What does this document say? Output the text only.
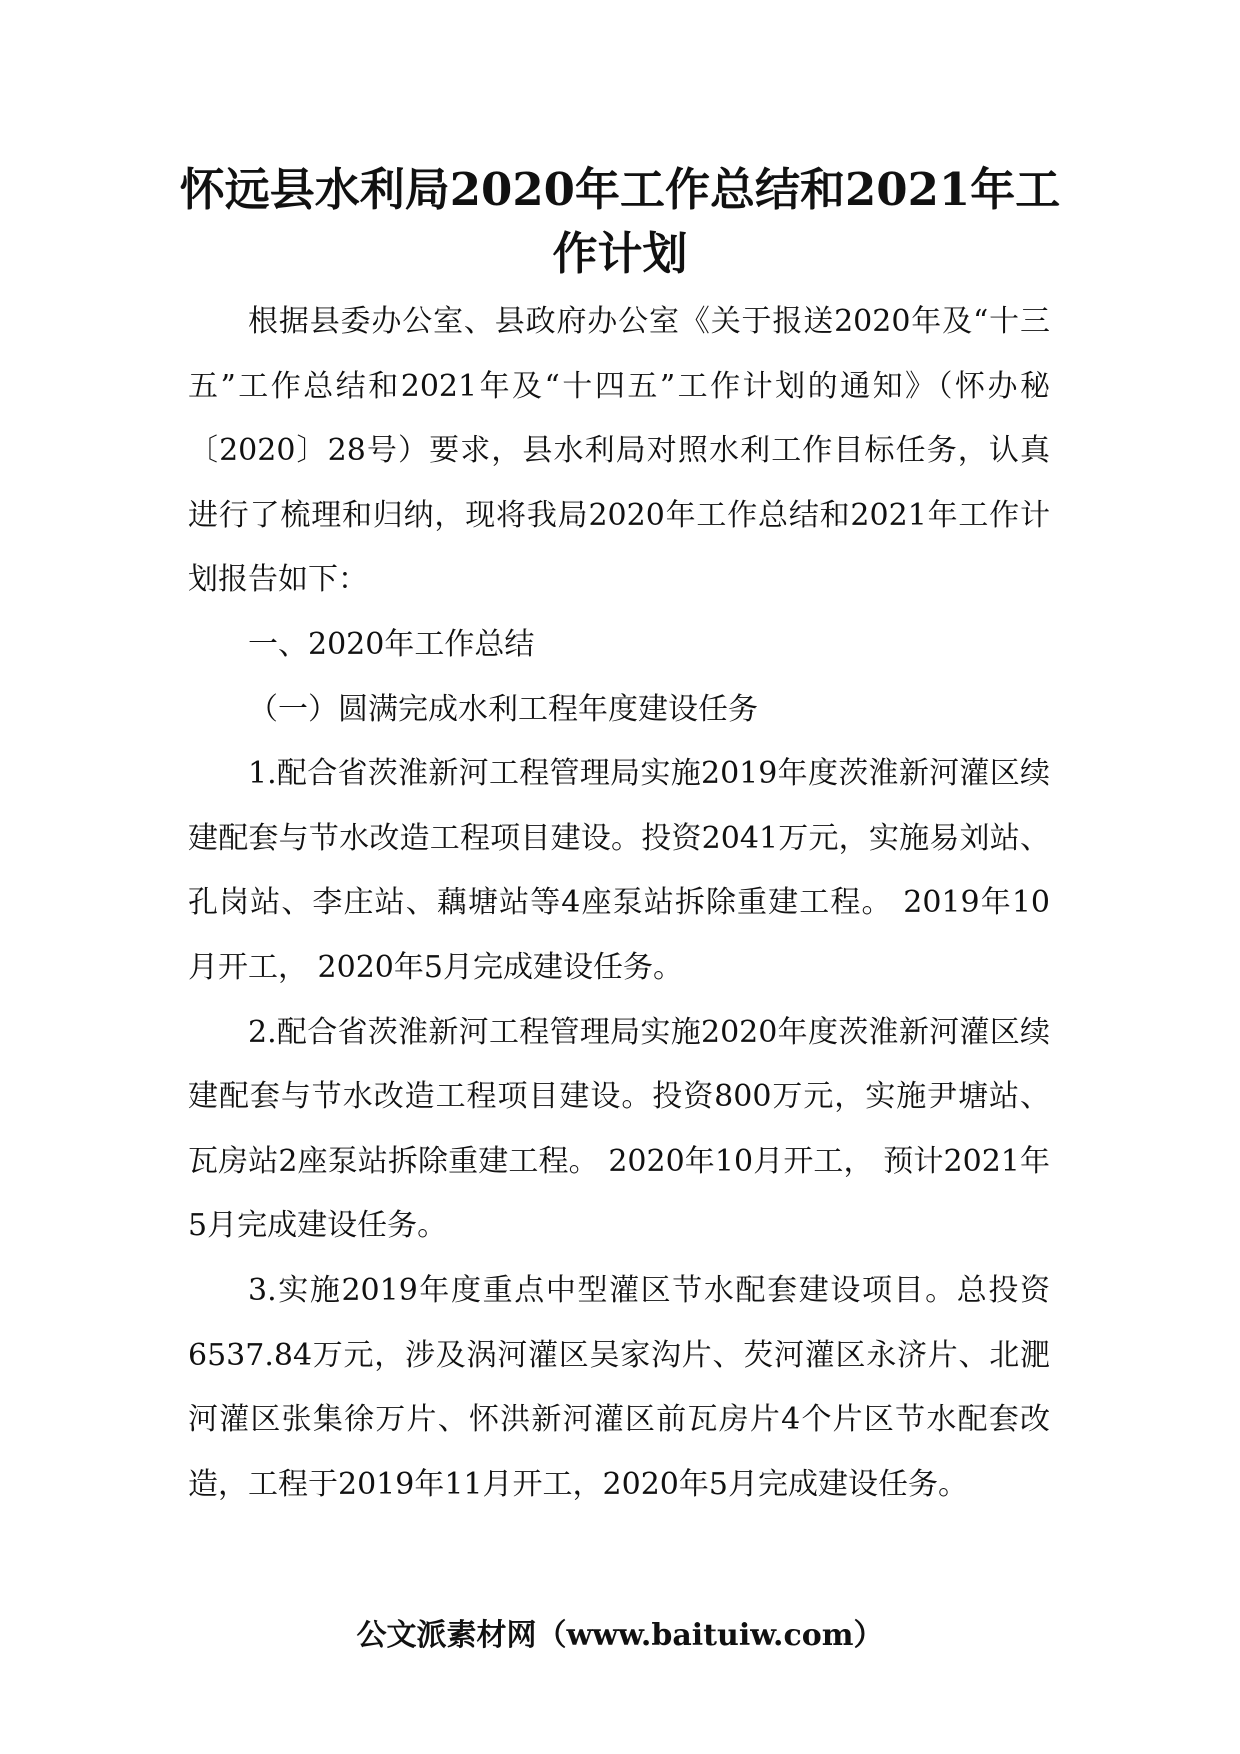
怀远县水利局2020年工作总结和2021年工
作计划

根据县委办公室、县政府办公室《关于报送2020年及“十三五”工作总结和2021年及“十四五”工作计划的通知》（怀办秘〔2020〕28号）要求，县水利局对照水利工作目标任务，认真进行了梳理和归纳，现将我局2020年工作总结和2021年工作计划报告如下：

一、2020年工作总结

（一）圆满完成水利工程年度建设任务

1.配合省茨淮新河工程管理局实施2019年度茨淮新河灌区续建配套与节水改造工程项目建设。投资2041万元，实施易刘站、孔岗站、李庄站、藕塘站等4座泵站拆除重建工程。 2019年10月开工， 2020年5月完成建设任务。

2.配合省茨淮新河工程管理局实施2020年度茨淮新河灌区续建配套与节水改造工程项目建设。投资800万元，实施尹塘站、瓦房站2座泵站拆除重建工程。 2020年10月开工， 预计2021年5月完成建设任务。

3.实施2019年度重点中型灌区节水配套建设项目。总投资6537.84万元，涉及涡河灌区吴家沟片、芡河灌区永济片、北淝河灌区张集徐万片、怀洪新河灌区前瓦房片4个片区节水配套改造，工程于2019年11月开工，2020年5月完成建设任务。

公文派素材网（www.baituiw.com）
